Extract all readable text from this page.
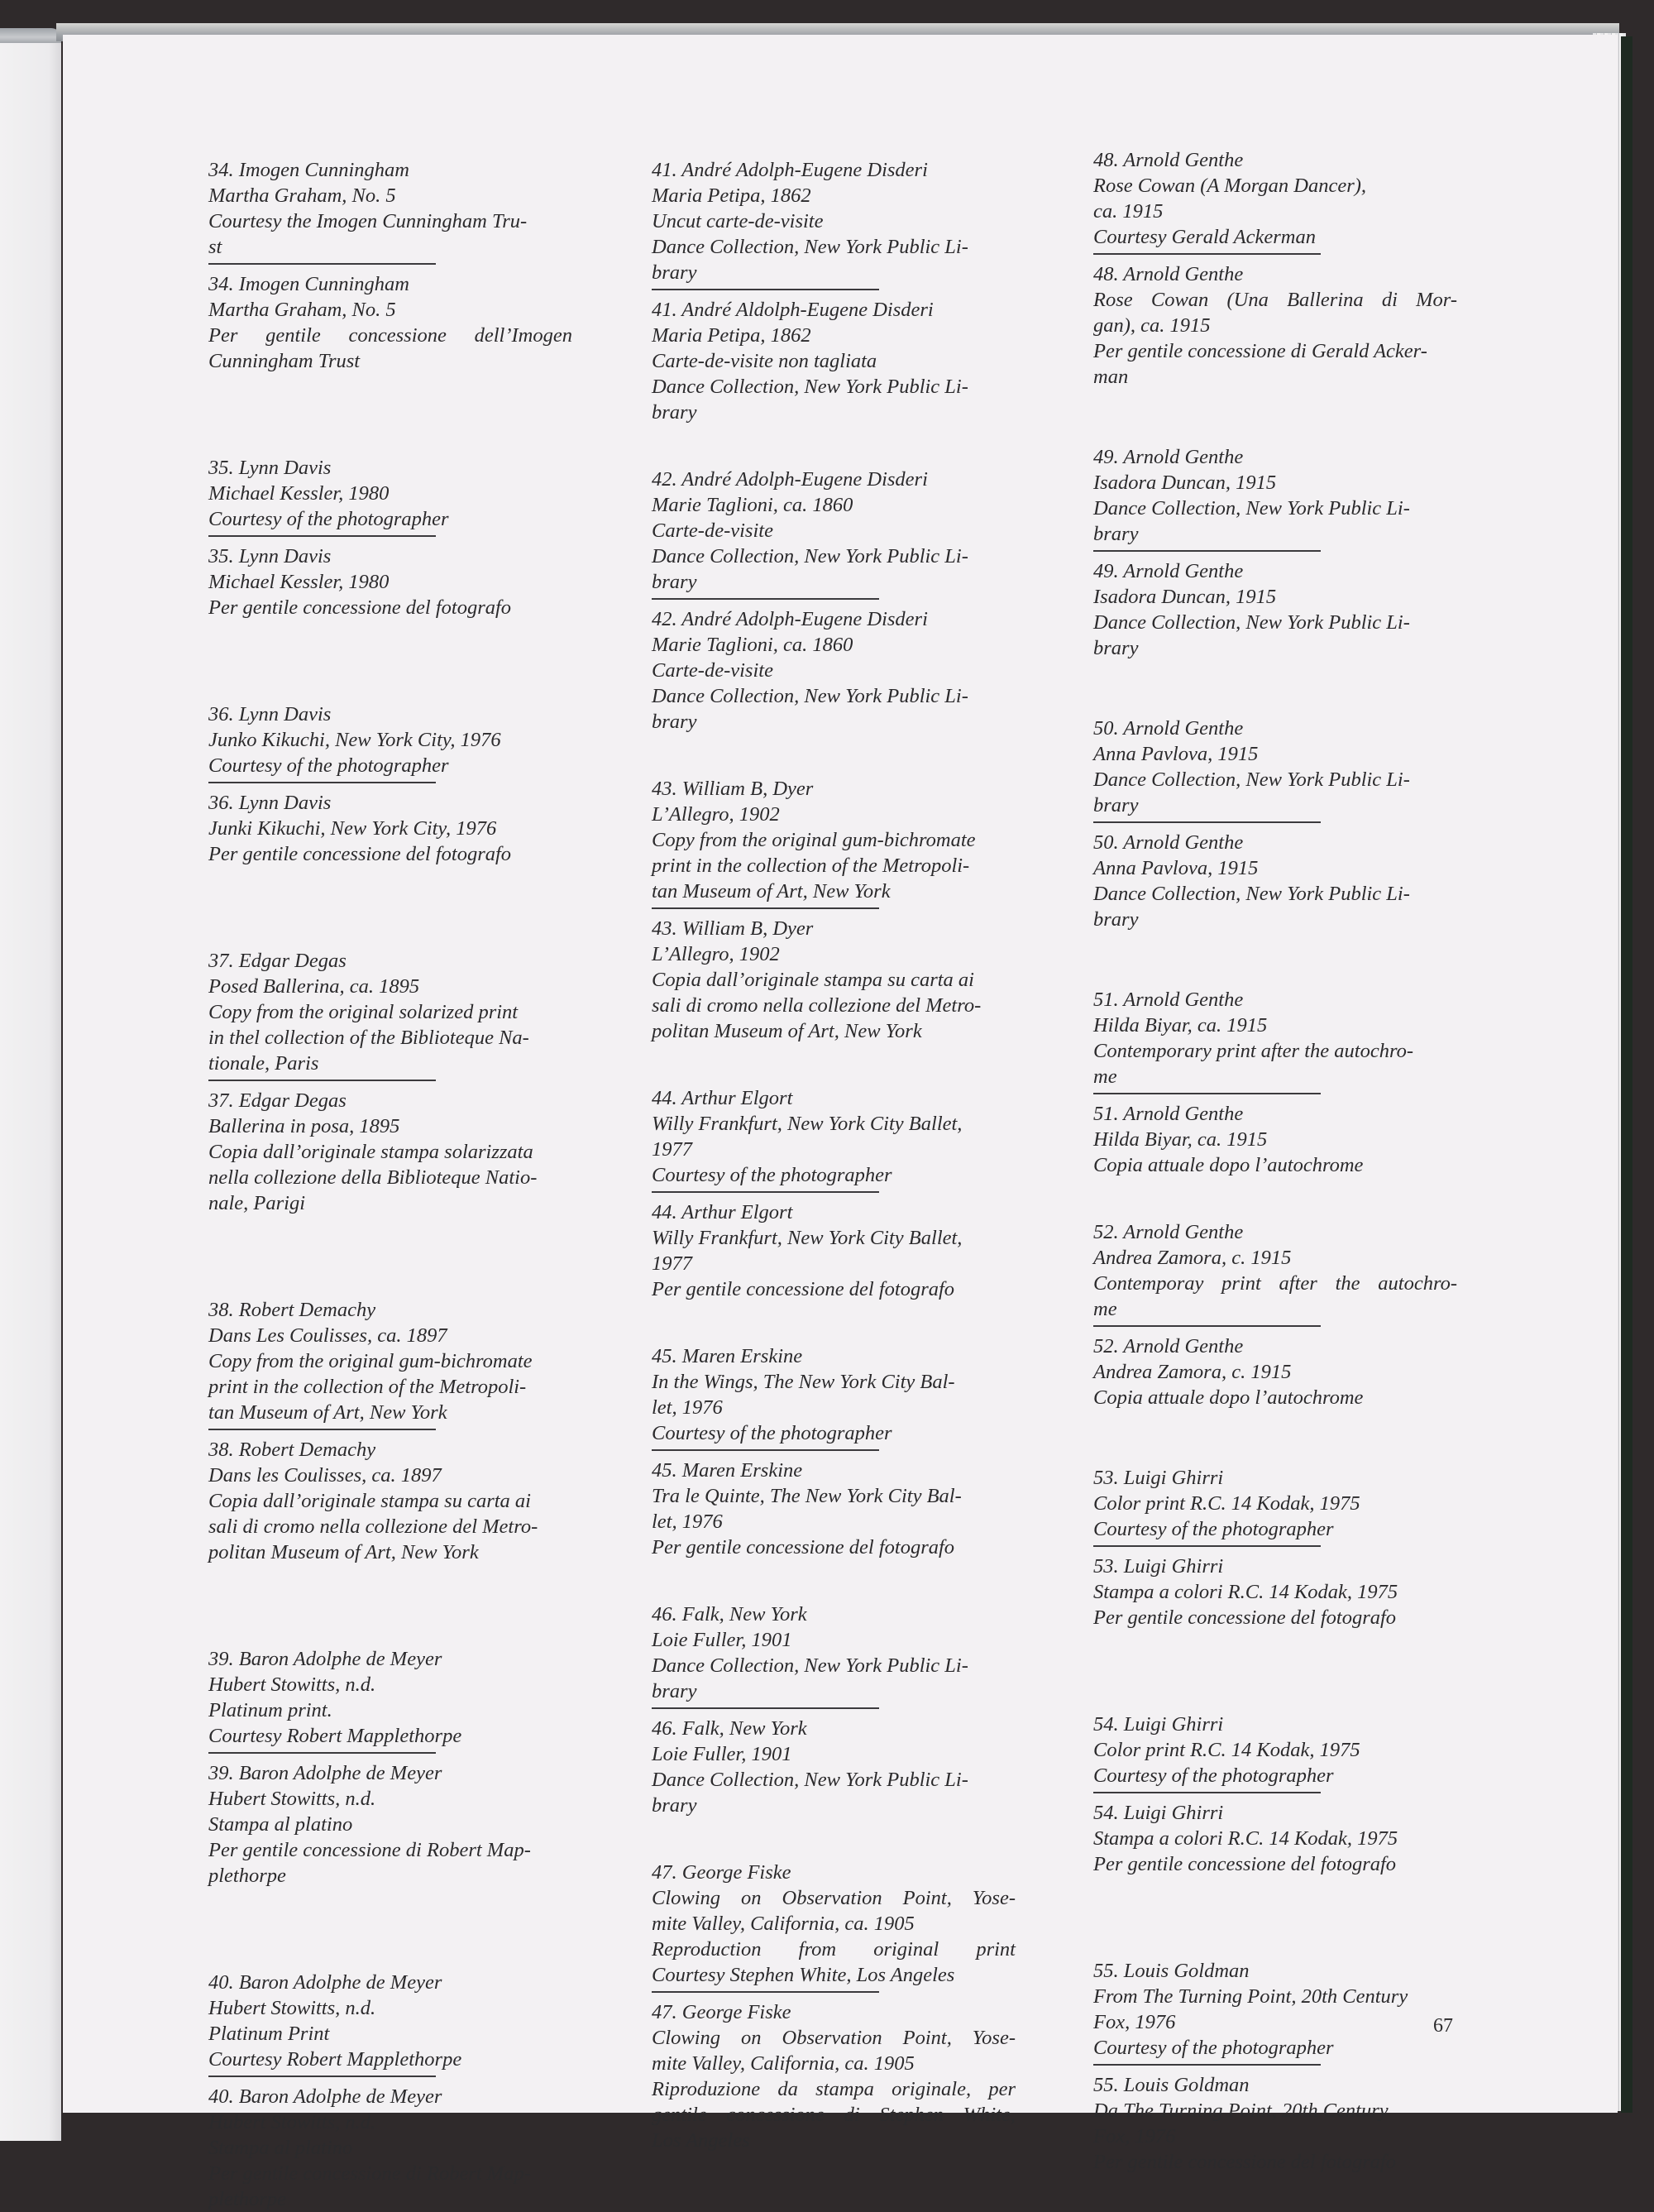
34. Imogen Cunningham
Martha Graham, No. 5
Courtesy the Imogen Cunningham Tru-
st
34. Imogen Cunningham
Martha Graham, No. 5
Per gentile concessione dell’Imogen
Cunningham Trust
35. Lynn Davis
Michael Kessler, 1980
Courtesy of the photographer
35. Lynn Davis
Michael Kessler, 1980
Per gentile concessione del fotografo
36. Lynn Davis
Junko Kikuchi, New York City, 1976
Courtesy of the photographer
36. Lynn Davis
Junki Kikuchi, New York City, 1976
Per gentile concessione del fotografo
37. Edgar Degas
Posed Ballerina, ca. 1895
Copy from the original solarized print
in thel collection of the Biblioteque Na-
tionale, Paris
37. Edgar Degas
Ballerina in posa, 1895
Copia dall’originale stampa solarizzata
nella collezione della Biblioteque Natio-
nale, Parigi
38. Robert Demachy
Dans Les Coulisses, ca. 1897
Copy from the original gum-bichromate
print in the collection of the Metropoli-
tan Museum of Art, New York
38. Robert Demachy
Dans les Coulisses, ca. 1897
Copia dall’originale stampa su carta ai
sali di cromo nella collezione del Metro-
politan Museum of Art, New York
39. Baron Adolphe de Meyer
Hubert Stowitts, n.d.
Platinum print.
Courtesy Robert Mapplethorpe
39. Baron Adolphe de Meyer
Hubert Stowitts, n.d.
Stampa al platino
Per gentile concessione di Robert Map-
plethorpe
40. Baron Adolphe de Meyer
Hubert Stowitts, n.d.
Platinum Print
Courtesy Robert Mapplethorpe
40. Baron Adolphe de Meyer
Hubert Stowitts, n.d.
Stampa al platino
Per gentile concessione di Robert Map-
plethorpe
41. André Adolph-Eugene Disderi
Maria Petipa, 1862
Uncut carte-de-visite
Dance Collection, New York Public Li-
brary
41. André Aldolph-Eugene Disderi
Maria Petipa, 1862
Carte-de-visite non tagliata
Dance Collection, New York Public Li-
brary
42. André Adolph-Eugene Disderi
Marie Taglioni, ca. 1860
Carte-de-visite
Dance Collection, New York Public Li-
brary
42. André Adolph-Eugene Disderi
Marie Taglioni, ca. 1860
Carte-de-visite
Dance Collection, New York Public Li-
brary
43. William B, Dyer
L’Allegro, 1902
Copy from the original gum-bichromate
print in the collection of the Metropoli-
tan Museum of Art, New York
43. William B, Dyer
L’Allegro, 1902
Copia dall’originale stampa su carta ai
sali di cromo nella collezione del Metro-
politan Museum of Art, New York
44. Arthur Elgort
Willy Frankfurt, New York City Ballet,
1977
Courtesy of the photographer
44. Arthur Elgort
Willy Frankfurt, New York City Ballet,
1977
Per gentile concessione del fotografo
45. Maren Erskine
In the Wings, The New York City Bal-
let, 1976
Courtesy of the photographer
45. Maren Erskine
Tra le Quinte, The New York City Bal-
let, 1976
Per gentile concessione del fotografo
46. Falk, New York
Loie Fuller, 1901
Dance Collection, New York Public Li-
brary
46. Falk, New York
Loie Fuller, 1901
Dance Collection, New York Public Li-
brary
47. George Fiske
Clowing on Observation Point, Yose-
mite Valley, California, ca. 1905
Reproduction from original print
Courtesy Stephen White, Los Angeles
47. George Fiske
Clowing on Observation Point, Yose-
mite Valley, California, ca. 1905
Riproduzione da stampa originale, per
gentile concessione di Stephen White,
Los Angeles
48. Arnold Genthe
Rose Cowan (A Morgan Dancer),
ca. 1915
Courtesy Gerald Ackerman
48. Arnold Genthe
Rose Cowan (Una Ballerina di Mor-
gan), ca. 1915
Per gentile concessione di Gerald Acker-
man
49. Arnold Genthe
Isadora Duncan, 1915
Dance Collection, New York Public Li-
brary
49. Arnold Genthe
Isadora Duncan, 1915
Dance Collection, New York Public Li-
brary
50. Arnold Genthe
Anna Pavlova, 1915
Dance Collection, New York Public Li-
brary
50. Arnold Genthe
Anna Pavlova, 1915
Dance Collection, New York Public Li-
brary
51. Arnold Genthe
Hilda Biyar, ca. 1915
Contemporary print after the autochro-
me
51. Arnold Genthe
Hilda Biyar, ca. 1915
Copia attuale dopo l’autochrome
52. Arnold Genthe
Andrea Zamora, c. 1915
Contemporay print after the autochro-
me
52. Arnold Genthe
Andrea Zamora, c. 1915
Copia attuale dopo l’autochrome
53. Luigi Ghirri
Color print R.C. 14 Kodak, 1975
Courtesy of the photographer
53. Luigi Ghirri
Stampa a colori R.C. 14 Kodak, 1975
Per gentile concessione del fotografo
54. Luigi Ghirri
Color print R.C. 14 Kodak, 1975
Courtesy of the photographer
54. Luigi Ghirri
Stampa a colori R.C. 14 Kodak, 1975
Per gentile concessione del fotografo
55. Louis Goldman
From The Turning Point, 20th Century
Fox, 1976
Courtesy of the photographer
55. Louis Goldman
Da The Turning Point, 20th Century
Fox, 1976
Per gentile concessione del fotografo
67
